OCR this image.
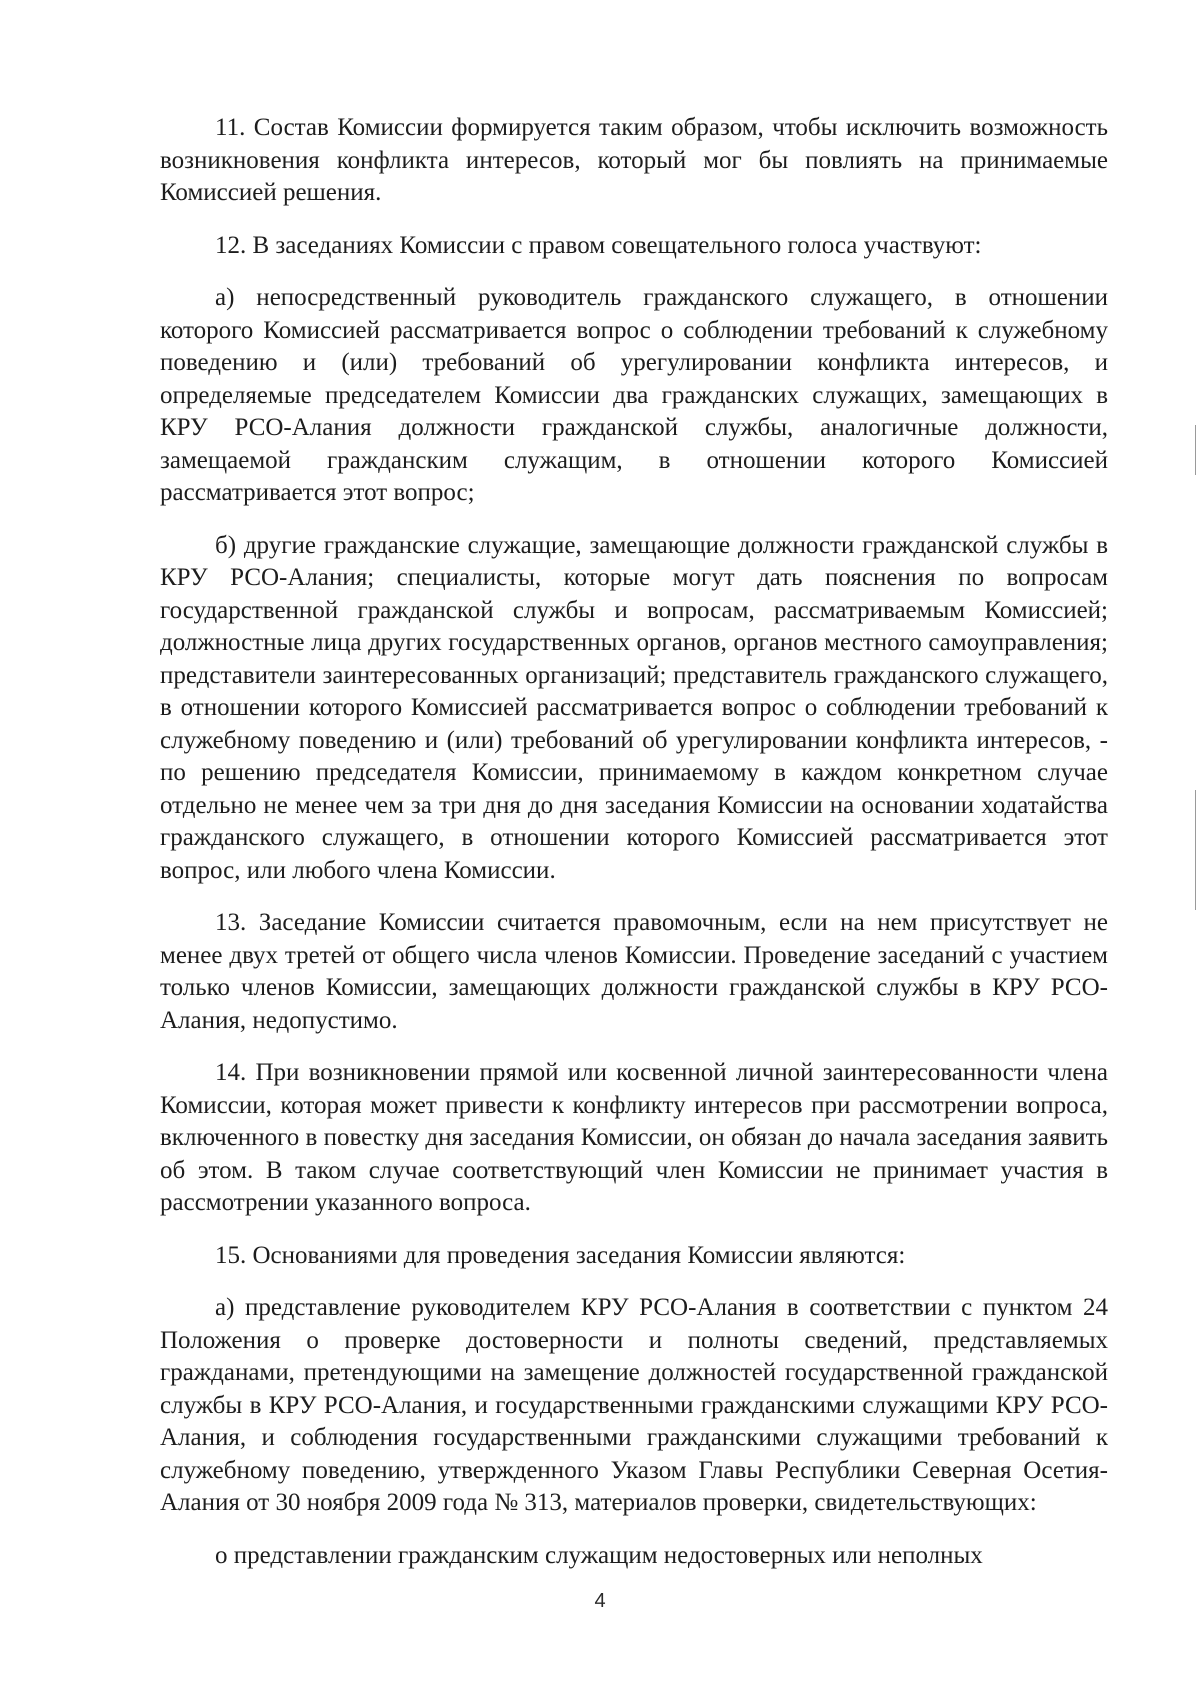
11. Состав Комиссии формируется таким образом, чтобы исключить возможность возникновения конфликта интересов, который мог бы повлиять на принимаемые Комиссией решения.

12. В заседаниях Комиссии с правом совещательного голоса участвуют:

а) непосредственный руководитель гражданского служащего, в отношении которого Комиссией рассматривается вопрос о соблюдении требований к служебному поведению и (или) требований об урегулировании конфликта интересов, и определяемые председателем Комиссии два гражданских служащих, замещающих в КРУ РСО-Алания должности гражданской службы, аналогичные должности, замещаемой гражданским служащим, в отношении которого Комиссией рассматривается этот вопрос;

б) другие гражданские служащие, замещающие должности гражданской службы в КРУ РСО-Алания; специалисты, которые могут дать пояснения по вопросам государственной гражданской службы и вопросам, рассматриваемым Комиссией; должностные лица других государственных органов, органов местного самоуправления; представители заинтересованных организаций; представитель гражданского служащего, в отношении которого Комиссией рассматривается вопрос о соблюдении требований к служебному поведению и (или) требований об урегулировании конфликта интересов, - по решению председателя Комиссии, принимаемому в каждом конкретном случае отдельно не менее чем за три дня до дня заседания Комиссии на основании ходатайства гражданского служащего, в отношении которого Комиссией рассматривается этот вопрос, или любого члена Комиссии.

13. Заседание Комиссии считается правомочным, если на нем присутствует не менее двух третей от общего числа членов Комиссии. Проведение заседаний с участием только членов Комиссии, замещающих должности гражданской службы в КРУ РСО-Алания, недопустимо.

14. При возникновении прямой или косвенной личной заинтересованности члена Комиссии, которая может привести к конфликту интересов при рассмотрении вопроса, включенного в повестку дня заседания Комиссии, он обязан до начала заседания заявить об этом. В таком случае соответствующий член Комиссии не принимает участия в рассмотрении указанного вопроса.

15. Основаниями для проведения заседания Комиссии являются:

а) представление руководителем КРУ РСО-Алания в соответствии с пунктом 24 Положения о проверке достоверности и полноты сведений, представляемых гражданами, претендующими на замещение должностей государственной гражданской службы в КРУ РСО-Алания, и государственными гражданскими служащими КРУ РСО-Алания, и соблюдения государственными гражданскими служащими требований к служебному поведению, утвержденного Указом Главы Республики Северная Осетия-Алания от 30 ноября 2009 года № 313, материалов проверки, свидетельствующих:

о представлении гражданским служащим недостоверных или неполных

4
